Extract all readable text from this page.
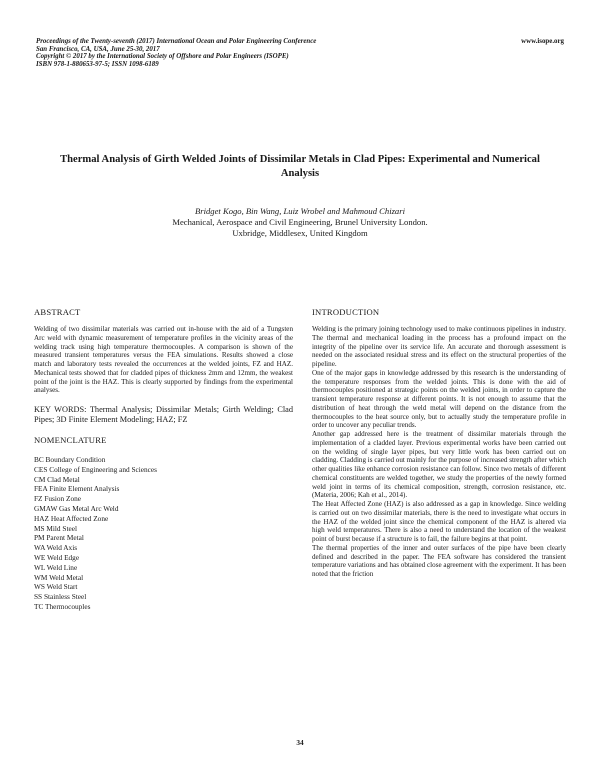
Proceedings of the Twenty-seventh (2017) International Ocean and Polar Engineering Conference
San Francisco, CA, USA, June 25-30, 2017
Copyright © 2017 by the International Society of Offshore and Polar Engineers (ISOPE)
ISBN 978-1-880653-97-5; ISSN 1098-6189
www.isope.org
Thermal Analysis of Girth Welded Joints of Dissimilar Metals in Clad Pipes: Experimental and Numerical Analysis
Bridget Kogo, Bin Wang, Luiz Wrobel and Mahmoud Chizari
Mechanical, Aerospace and Civil Engineering, Brunel University London.
Uxbridge, Middlesex, United Kingdom
ABSTRACT

Welding of two dissimilar materials was carried out in-house with the aid of a Tungsten Arc weld with dynamic measurement of temperature profiles in the vicinity areas of the welding track using high temperature thermocouples. A comparison is shown of the measured transient temperatures versus the FEA simulations. Results showed a close match and laboratory tests revealed the occurrences at the welded joints, FZ and HAZ. Mechanical tests showed that for cladded pipes of thickness 2mm and 12mm, the weakest point of the joint is the HAZ. This is clearly supported by findings from the experimental analyses.

KEY WORDS: Thermal Analysis; Dissimilar Metals; Girth Welding; Clad Pipes; 3D Finite Element Modeling; HAZ; FZ

NOMENCLATURE
BC Boundary Condition
CES College of Engineering and Sciences
CM Clad Metal
FEA Finite Element Analysis
FZ Fusion Zone
GMAW Gas Metal Arc Weld
HAZ Heat Affected Zone
MS Mild Steel
PM Parent Metal
WA Weld Axis
WE Weld Edge
WL Weld Line
WM Weld Metal
WS Weld Start
SS Stainless Steel
TC Thermocouples
INTRODUCTION

Welding is the primary joining technology used to make continuous pipelines in industry. The thermal and mechanical loading in the process has a profound impact on the integrity of the pipeline over its service life. An accurate and thorough assessment is needed on the associated residual stress and its effect on the structural properties of the pipeline.

One of the major gaps in knowledge addressed by this research is the understanding of the temperature responses from the welded joints. This is done with the aid of thermocouples positioned at strategic points on the welded joints, in order to capture the transient temperature response at different points. It is not enough to assume that the distribution of heat through the weld metal will depend on the distance from the thermocouples to the heat source only, but to actually study the temperature profile in order to uncover any peculiar trends.

Another gap addressed here is the treatment of dissimilar materials through the implementation of a cladded layer. Previous experimental works have been carried out on the welding of single layer pipes, but very little work has been carried out on cladding. Cladding is carried out mainly for the purpose of increased strength after which other qualities like enhance corrosion resistance can follow. Since two metals of different chemical constituents are welded together, we study the properties of the newly formed weld joint in terms of its chemical composition, strength, corrosion resistance, etc. (Materia, 2006; Kah et al., 2014).

The Heat Affected Zone (HAZ) is also addressed as a gap in knowledge. Since welding is carried out on two dissimilar materials, there is the need to investigate what occurs in the HAZ of the welded joint since the chemical component of the HAZ is altered via high weld temperatures. There is also a need to understand the location of the weakest point of burst because if a structure is to fail, the failure begins at that point.

The thermal properties of the inner and outer surfaces of the pipe have been clearly defined and described in the paper. The FEA software has considered the transient temperature variations and has obtained close agreement with the experiment. It has been noted that the friction

34
